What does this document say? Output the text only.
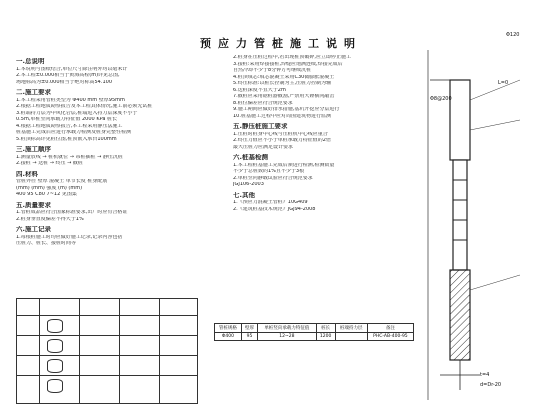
预应力管桩施工说明
一.总说明
1.本说明与图纸结合,单位尺寸除注明外均以毫米计
2.本工程±0.000相当于黄海高程(m)详见总图,
场地标高为±0.000相当于绝对标高54.100
二.施工要求
1.本工程采用管桩类型为 Φ400 mm 壁厚95mm
2.根据工程地质勘察报告及本工程具体情况,施工前必须先试桩
3.桩端持力层为中风化岩层,桩端进入持力层深度不小于
0.5m,单桩竖向承载力特征值 2000 KPa 桩长
4.根据工程地质勘察报告,本工程采用静压法施工
桩基施工完成后应进行承载力检测及桩身完整性检测
5.桩顶标高详见桩位图,桩顶嵌入承台100mm
三.施工顺序
1.测量放线 → 桩机就位 → 吊桩插桩 → 静压沉桩
2.接桩 → 送桩 → 终压 → 截桩
四.材料
管桩外径 壁厚 混凝土 单节长度 桩身配筋
(mm) (mm) 强度 (m) (mm)
400 95 C80 7~12 见图集
五.质量要求
1.管桩成品应符合国家标准要求,出厂时应有合格证
2.桩身垂直度偏差不得大于1%
六.施工记录
1.每根桩施工时均应做好施工记录,记录内容包括
压桩力、桩长、接桩时间等
2.桩身在压桩过程中,若出现桩顶破碎,应立即停止施工
3.接桩:采用焊接接桩,焊缝应饱满连续,焊接完成后
自然冷却不少于8分钟方可继续沉桩
4.桩顶填芯:填芯混凝土采用C30微膨胀混凝土
5.终压标准:以桩长控制为主,压桩力控制为辅
6.送桩深度不宜大于2m
7.截桩应采用锯桩器截割,严禁用大锤横向敲击
8.桩位偏差应符合规范要求
9.施工期间应做好排水措施,基坑开挖应分层进行
10.桩基施工过程中应对周围建筑物进行监测
五.静压桩施工要求
1.压桩时桩身中心线与压桩机中心线应重合
2.终压力值应不小于单桩承载力特征值的2倍
最大压桩力应满足设计要求
六.桩基检测
1.本工程桩基施工完成后须进行检测,检测数量
不少于总桩数的1%且不少于3根
2.单桩竖向静载试验应符合规范要求
JGJ106-2003
七.其他
1.《预应力混凝土管桩》10G409
2.《建筑桩基技术规范》JGJ94-2008
管桩规格	壁厚	单桩竖向承载力特征值	桩长	桩端持力层	备注
Φ400	95	12~28	1200		PHC-AB-400-95
Φ120
L=0
Φ8@200
t=4
d=Dr-20
